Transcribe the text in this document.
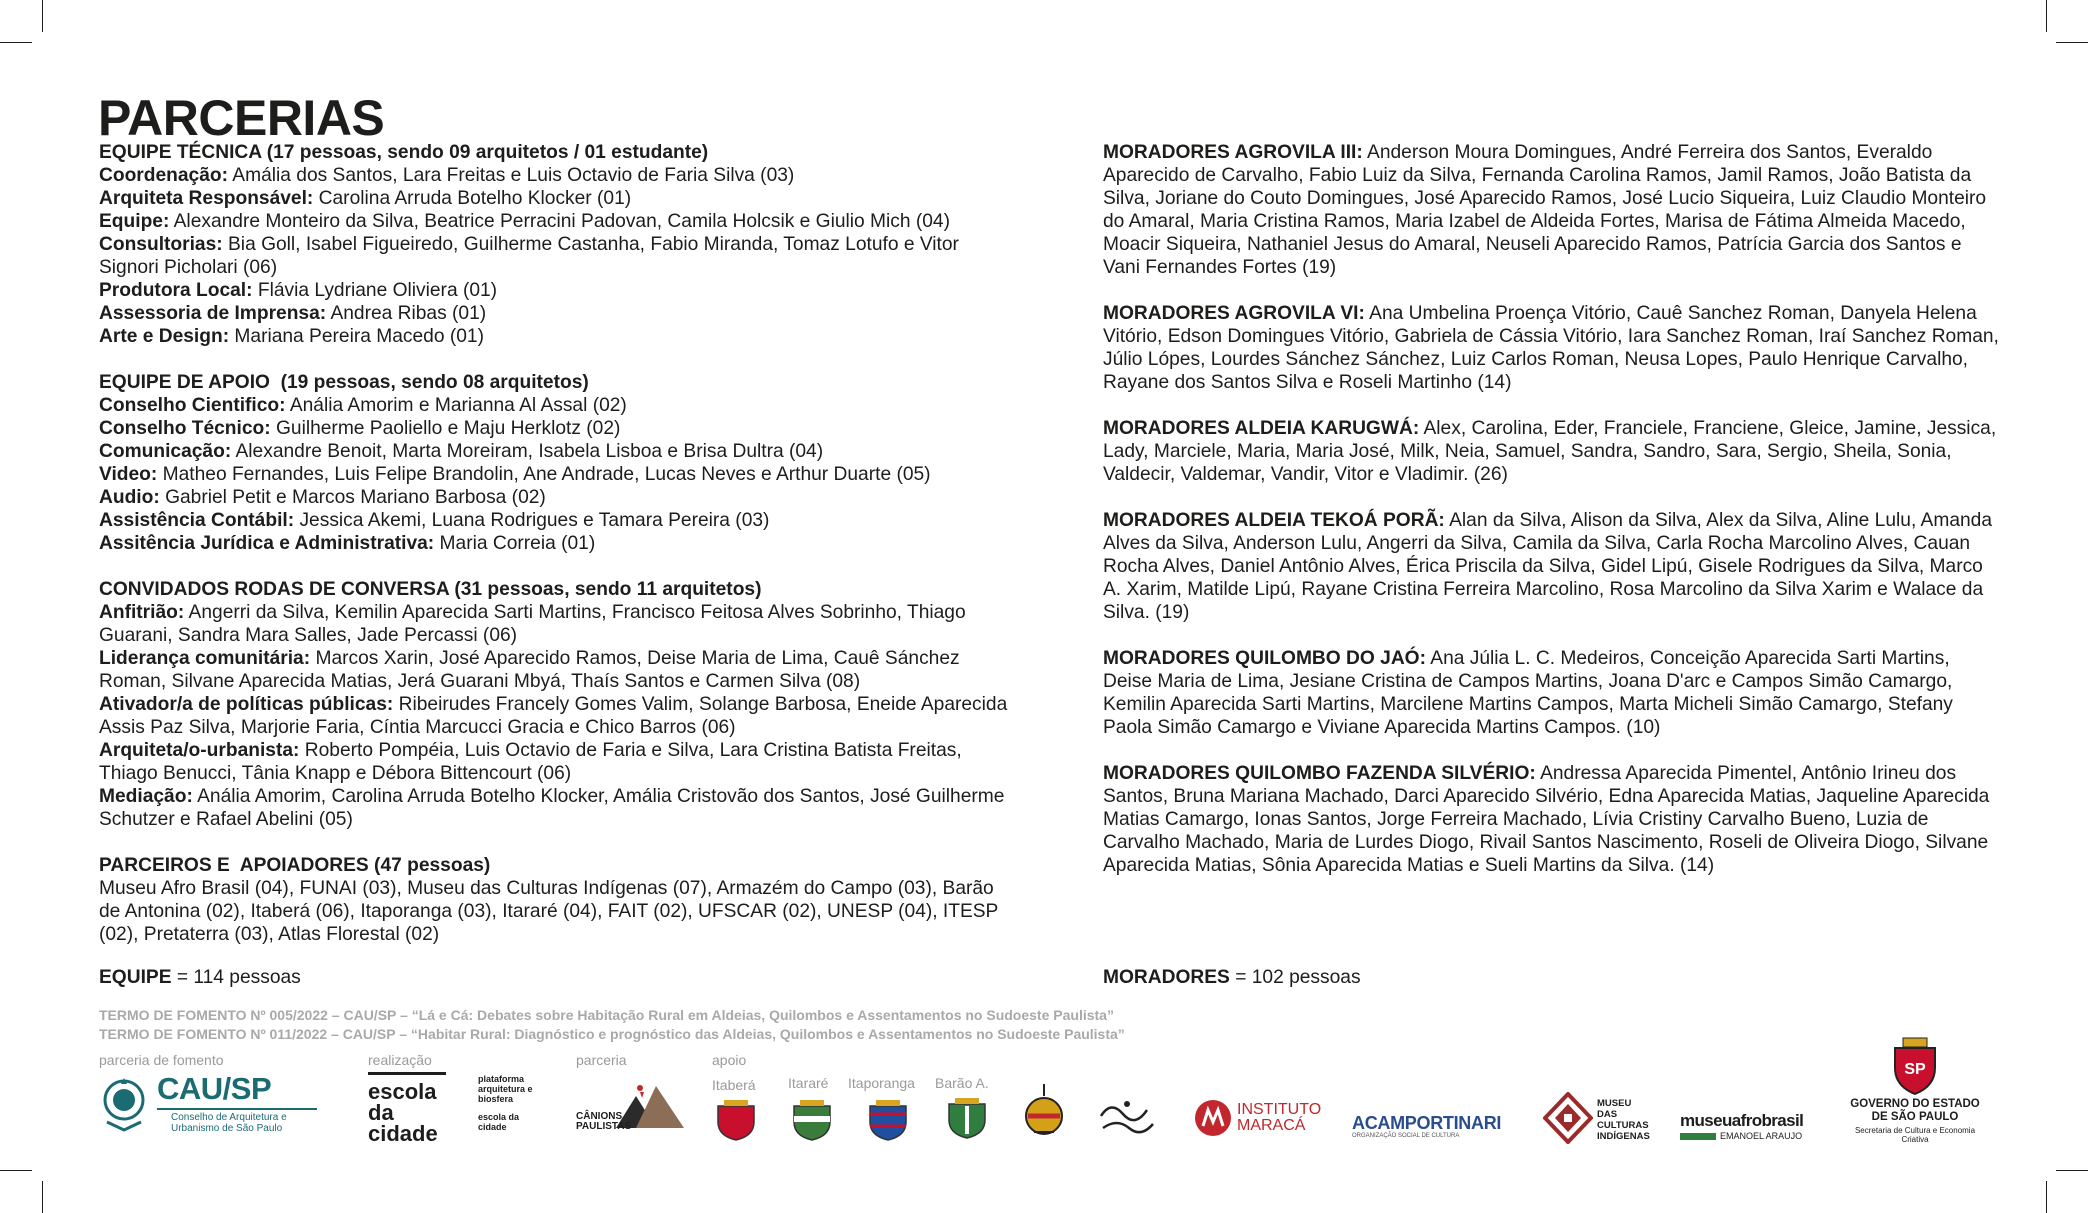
PARCERIAS

EQUIPE TÉCNICA (17 pessoas, sendo 09 arquitetos / 01 estudante)

Coordenação: Amália dos Santos, Lara Freitas e Luis Octavio de Faria Silva (03)

Arquiteta Responsável: Carolina Arruda Botelho Klocker (01)

Equipe: Alexandre Monteiro da Silva, Beatrice Perracini Padovan, Camila Holcsik e Giulio Mich (04)

Consultorias: Bia Goll, Isabel Figueiredo, Guilherme Castanha, Fabio Miranda, Tomaz Lotufo e Vitor Signori Picholari (06)

Produtora Local: Flávia Lydriane Oliviera (01)

Assessoria de Imprensa: Andrea Ribas (01)

Arte e Design: Mariana Pereira Macedo (01)

EQUIPE DE APOIO  (19 pessoas, sendo 08 arquitetos)

Conselho Cientifico: Anália Amorim e Marianna Al Assal (02)

Conselho Técnico: Guilherme Paoliello e Maju Herklotz (02)

Comunicação: Alexandre Benoit, Marta Moreiram, Isabela Lisboa e Brisa Dultra (04)

Video: Matheo Fernandes, Luis Felipe Brandolin, Ane Andrade, Lucas Neves e Arthur Duarte (05)

Audio: Gabriel Petit e Marcos Mariano Barbosa (02)

Assistência Contábil: Jessica Akemi, Luana Rodrigues e Tamara Pereira (03)

Assitência Jurídica e Administrativa: Maria Correia (01)

CONVIDADOS RODAS DE CONVERSA (31 pessoas, sendo 11 arquitetos)

Anfitrião: Angerri da Silva, Kemilin Aparecida Sarti Martins, Francisco Feitosa Alves Sobrinho, Thiago Guarani, Sandra Mara Salles, Jade Percassi (06)

Liderança comunitária: Marcos Xarin, José Aparecido Ramos, Deise Maria de Lima, Cauê Sánchez Roman, Silvane Aparecida Matias, Jerá Guarani Mbyá, Thaís Santos e Carmen Silva (08)

Ativador/a de políticas públicas: Ribeirudes Francely Gomes Valim, Solange Barbosa, Eneide Aparecida Assis Paz Silva, Marjorie Faria, Cíntia Marcucci Gracia e Chico Barros (06)

Arquiteta/o-urbanista: Roberto Pompéia, Luis Octavio de Faria e Silva, Lara Cristina Batista Freitas, Thiago Benucci, Tânia Knapp e Débora Bittencourt (06)

Mediação: Anália Amorim, Carolina Arruda Botelho Klocker, Amália Cristovão dos Santos, José Guilherme Schutzer e Rafael Abelini (05)

PARCEIROS E  APOIADORES (47 pessoas)

Museu Afro Brasil (04), FUNAI (03), Museu das Culturas Indígenas (07), Armazém do Campo (03), Barão de Antonina (02), Itaberá (06), Itaporanga (03), Itararé (04), FAIT (02), UFSCAR (02), UNESP (04), ITESP (02), Pretaterra (03), Atlas Florestal (02)

MORADORES AGROVILA III: Anderson Moura Domingues, André Ferreira dos Santos, Everaldo Aparecido de Carvalho, Fabio Luiz da Silva, Fernanda Carolina Ramos, Jamil Ramos, João Batista da Silva, Joriane do Couto Domingues, José Aparecido Ramos, José Lucio Siqueira, Luiz Claudio Monteiro do Amaral, Maria Cristina Ramos, Maria Izabel de Aldeida Fortes, Marisa de Fátima Almeida Macedo, Moacir Siqueira, Nathaniel Jesus do Amaral, Neuseli Aparecido Ramos, Patrícia Garcia dos Santos e Vani Fernandes Fortes (19)

MORADORES AGROVILA VI: Ana Umbelina Proença Vitório, Cauê Sanchez Roman, Danyela Helena Vitório, Edson Domingues Vitório, Gabriela de Cássia Vitório, Iara Sanchez Roman, Iraí Sanchez Roman, Júlio Lópes, Lourdes Sánchez Sánchez, Luiz Carlos Roman, Neusa Lopes, Paulo Henrique Carvalho, Rayane dos Santos Silva e Roseli Martinho (14)

MORADORES ALDEIA KARUGWÁ: Alex, Carolina, Eder, Franciele, Franciene, Gleice, Jamine, Jessica, Lady, Marciele, Maria, Maria José, Milk, Neia, Samuel, Sandra, Sandro, Sara, Sergio, Sheila, Sonia, Valdecir, Valdemar, Vandir, Vitor e Vladimir. (26)

MORADORES ALDEIA TEKOÁ PORÃ: Alan da Silva, Alison da Silva, Alex da Silva, Aline Lulu, Amanda Alves da Silva, Anderson Lulu, Angerri da Silva, Camila da Silva, Carla Rocha Marcolino Alves, Cauan Rocha Alves, Daniel Antônio Alves, Érica Priscila da Silva, Gidel Lipú, Gisele Rodrigues da Silva, Marco A. Xarim, Matilde Lipú, Rayane Cristina Ferreira Marcolino, Rosa Marcolino da Silva Xarim e Walace da Silva. (19)

MORADORES QUILOMBO DO JAÓ: Ana Júlia L. C. Medeiros, Conceição Aparecida Sarti Martins, Deise Maria de Lima, Jesiane Cristina de Campos Martins, Joana D'arc e Campos Simão Camargo, Kemilin Aparecida Sarti Martins, Marcilene Martins Campos, Marta Micheli Simão Camargo, Stefany Paola Simão Camargo e Viviane Aparecida Martins Campos. (10)

MORADORES QUILOMBO FAZENDA SILVÉRIO: Andressa Aparecida Pimentel, Antônio Irineu dos Santos, Bruna Mariana Machado, Darci Aparecido Silvério, Edna Aparecida Matias, Jaqueline Aparecida Matias Camargo, Ionas Santos, Jorge Ferreira Machado, Lívia Cristiny Carvalho Bueno, Luzia de Carvalho Machado, Maria de Lurdes Diogo, Rivail Santos Nascimento, Roseli de Oliveira Diogo, Silvane Aparecida Matias, Sônia Aparecida Matias e Sueli Martins da Silva. (14)

EQUIPE = 114 pessoas	MORADORES = 102 pessoas
TERMO DE FOMENTO Nº 005/2022 – CAU/SP – “Lá e Cá: Debates sobre Habitação Rural em Aldeias, Quilombos e Assentamentos no Sudoeste Paulista”
TERMO DE FOMENTO Nº 011/2022 – CAU/SP – “Habitar Rural: Diagnóstico e prognóstico das Aldeias, Quilombos e Assentamentos no Sudoeste Paulista”
parceria de fomento	realização	parceria	apoio
CAU/SP
Conselho de Arquitetura e Urbanismo de São Paulo
escola da cidade
plataforma arquitetura e biosfera
escola da cidade
CÂNIONS PAULISTAS
Itaberá Itararé Itaporanga Barão A.
INSTITUTO MARACÁ	ACAMPORTINARI
ORGANIZAÇÃO SOCIAL DE CULTURA
MUSEU DAS CULTURAS INDÍGENAS
museuafrobrasil
EMANOEL ARAUJO
SP
GOVERNO DO ESTADO DE SÃO PAULO
Secretaria de Cultura e Economia Criativa
